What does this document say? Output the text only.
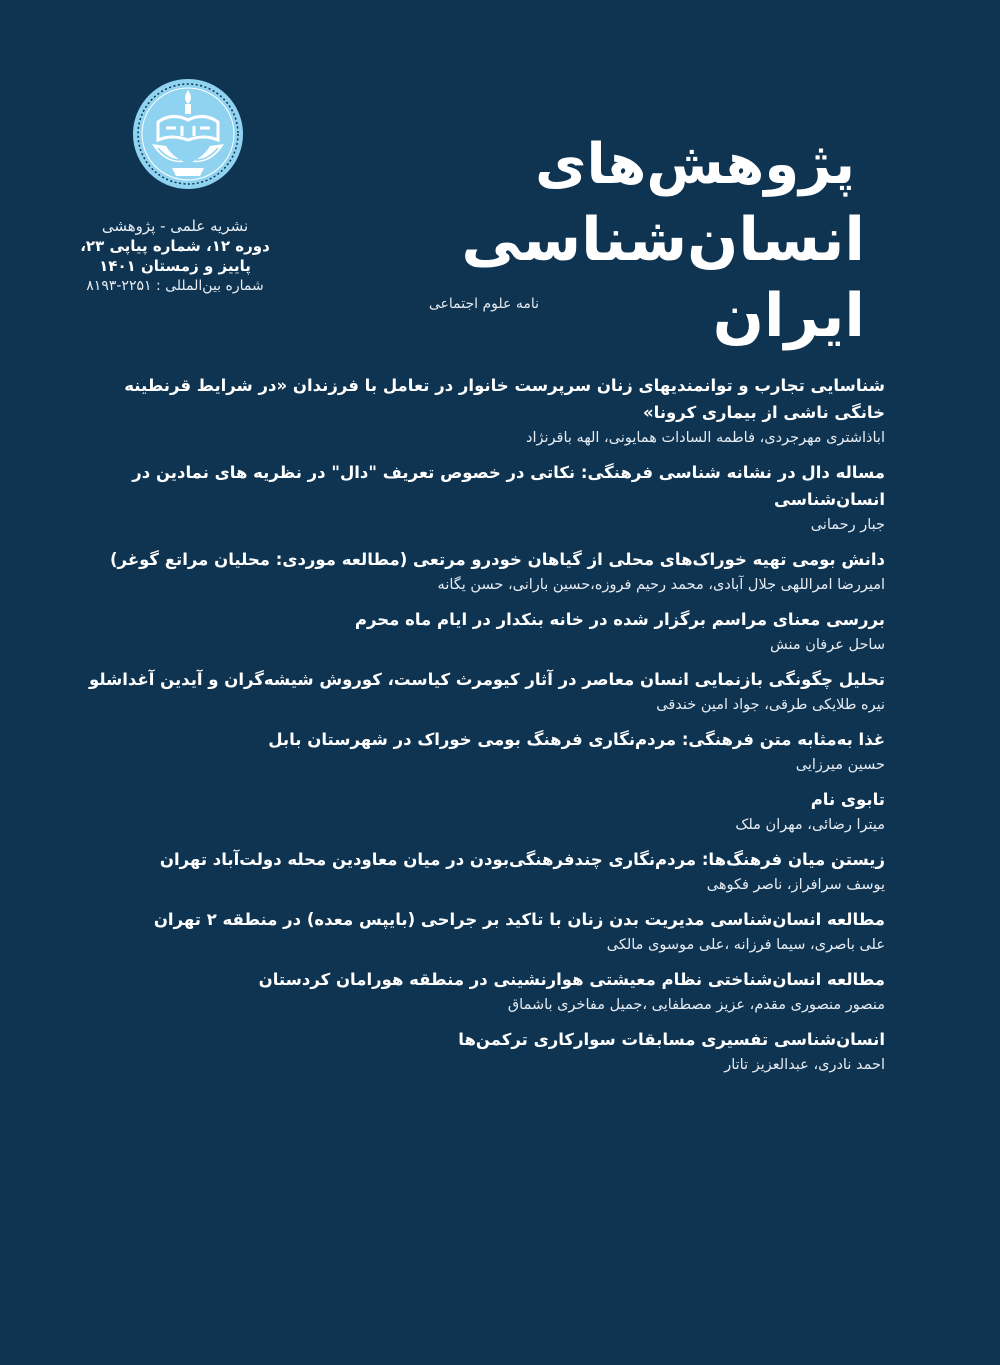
نشریه علمی - پژوهشی
دوره ۱۲، شماره پیاپی ۲۳،
پاییز و زمستان ۱۴۰۱
شماره بین‌المللی : ۲۲۵۱-۸۱۹۳
پژوهش‌های
انسان‌شناسی ایران
نامه علوم اجتماعی
شناسایی تجارب و توانمندیهای زنان سرپرست خانوار در تعامل با فرزندان «در شرایط قرنطینه خانگی ناشی از بیماری کرونا»
اباذاشتری مهرجردی، فاطمه السادات همایونی، الهه باقرنژاد
مساله دال در نشانه شناسی فرهنگی: نکاتی در خصوص تعریف "دال" در نظریه های نمادین در انسان‌شناسی
جبار رحمانی
دانش بومی تهیه خوراک‌های محلی از گیاهان خودرو مرتعی (مطالعه موردی: محلیان مراتع گوغر)
امیررضا امراللهی جلال آبادی، محمد رحیم فروزه،حسین بارانی، حسن یگانه
بررسی معنای مراسم برگزار شده در خانه بنکدار در ایام ماه محرم
ساحل عرفان منش
تحلیل چگونگی بازنمایی انسان معاصر در آثار کیومرث کیاست، کوروش شیشه‌گران و آیدین آغداشلو
نیره طلایکی طرقی، جواد امین خندقی
غذا به‌مثابه متن فرهنگی: مردم‌نگاری فرهنگ بومی خوراک در شهرستان بابل
حسین میرزایی
تابوی نام
میترا رضائی، مهران ملک
زیستن میان فرهنگ‌ها: مردم‌نگاری چندفرهنگی‌بودن در میان معاودین محله دولت‌آباد تهران
یوسف سرافراز، ناصر فکوهی
مطالعه انسان‌شناسی مدیریت بدن زنان با تاکید بر جراحی (بایپس معده) در منطقه ۲ تهران
علی باصری، سیما فرزانه ،علی موسوی مالکی
مطالعه انسان‌شناختی نظام معیشتی هوارنشینی در منطقه هورامان کردستان
منصور منصوری مقدم، عزیز مصطفایی ،جمیل مفاخری باشماق
انسان‌شناسی تفسیری مسابقات سوارکاری ترکمن‌ها
احمد نادری، عبدالعزیز تاتار
